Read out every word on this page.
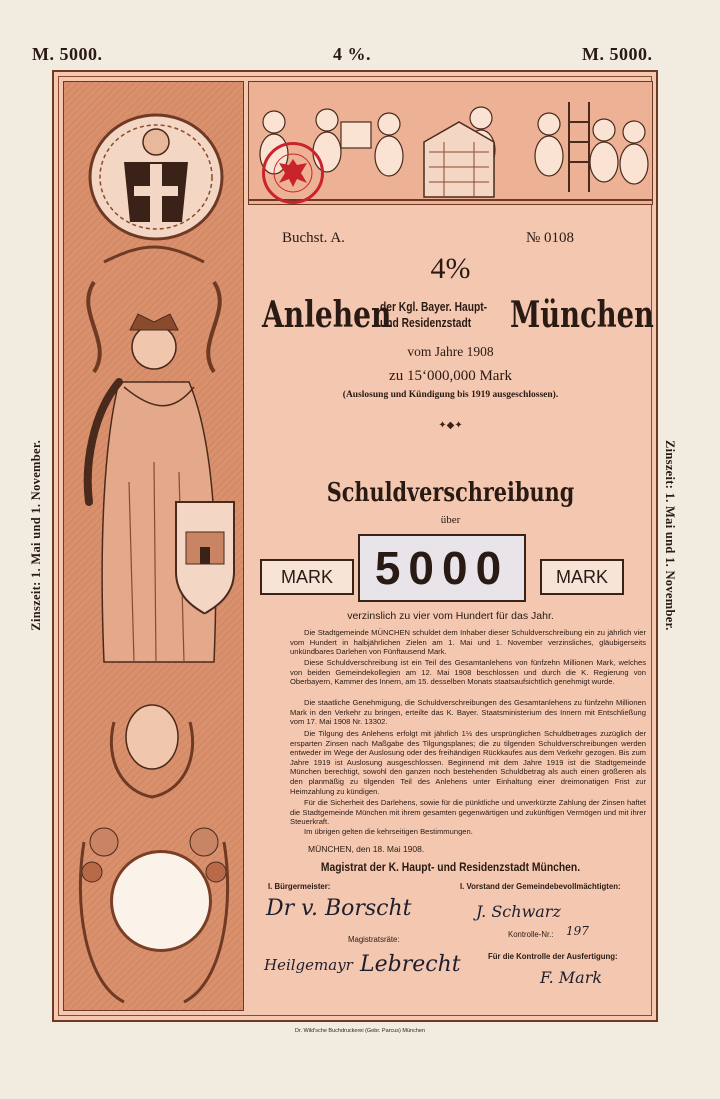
M. 5000.	4 %.	M. 5000.
Zinszeit: 1. Mai und 1. November.	Zinszeit: 1. Mai und 1. November.
Buchst. A.	№ 0108
4%
Anlehen
der Kgl. Bayer. Haupt-
und Residenzstadt München
vom Jahre 1908
zu 15‘000,000 Mark
(Auslosung und Kündigung bis 1919 ausgeschlossen).
✦◆✦
Schuldverschreibung
über
MARK 5000	MARK
verzinslich zu vier vom Hundert für das Jahr.
Die Stadtgemeinde MÜNCHEN schuldet dem Inhaber dieser Schuldverschreibung ein zu jährlich vier vom Hundert in halbjährlichen Zielen am 1. Mai und 1. November verzinsliches, gläubigerseits unkündbares Darlehen von Fünftausend Mark.
Diese Schuldverschreibung ist ein Teil des Gesamtanlehens von fünfzehn Millionen Mark, welches von beiden Gemeindekollegien am 12. Mai 1908 beschlossen und durch die K. Regierung von Oberbayern, Kammer des Innern, am 15. desselben Monats staatsaufsichtlich genehmigt wurde.
Die staatliche Genehmigung, die Schuldverschreibungen des Gesamtanlehens zu fünfzehn Millionen Mark in den Verkehr zu bringen, erteilte das K. Bayer. Staatsministerium des Innern mit Entschließung vom 17. Mai 1908 Nr. 13302.
Die Tilgung des Anlehens erfolgt mit jährlich 1½ des ursprünglichen Schuldbetrages zuzüglich der ersparten Zinsen nach Maßgabe des Tilgungsplanes; die zu tilgenden Schuldverschreibungen werden entweder im Wege der Auslosung oder des freihändigen Rückkaufes aus dem Verkehr gezogen. Bis zum Jahre 1919 ist Auslosung ausgeschlossen. Beginnend mit dem Jahre 1919 ist die Stadtgemeinde München berechtigt, sowohl den ganzen noch bestehenden Schuldbetrag als auch einen größeren als den planmäßig zu tilgenden Teil des Anlehens unter Einhaltung einer dreimonatigen Frist zur Heimzahlung zu kündigen.
Für die Sicherheit des Darlehens, sowie für die pünktliche und unverkürzte Zahlung der Zinsen haftet die Stadtgemeinde München mit ihrem gesamten gegenwärtigen und zukünftigen Vermögen und mit ihrer Steuerkraft.
Im übrigen gelten die kehrseitigen Bestimmungen.
MÜNCHEN, den 18. Mai 1908.
Magistrat der K. Haupt- und Residenzstadt München.
I. Bürgermeister:	I. Vorstand der Gemeindebevollmächtigten:
Dr v. Borscht	J. Schwarz
Kontrolle-Nr.: 197
Magistratsräte:
Für die Kontrolle der Ausfertigung:
Heilgemayr Lebrecht
F. Mark
Dr. Wild'sche Buchdruckerei (Gebr. Parcus) München
